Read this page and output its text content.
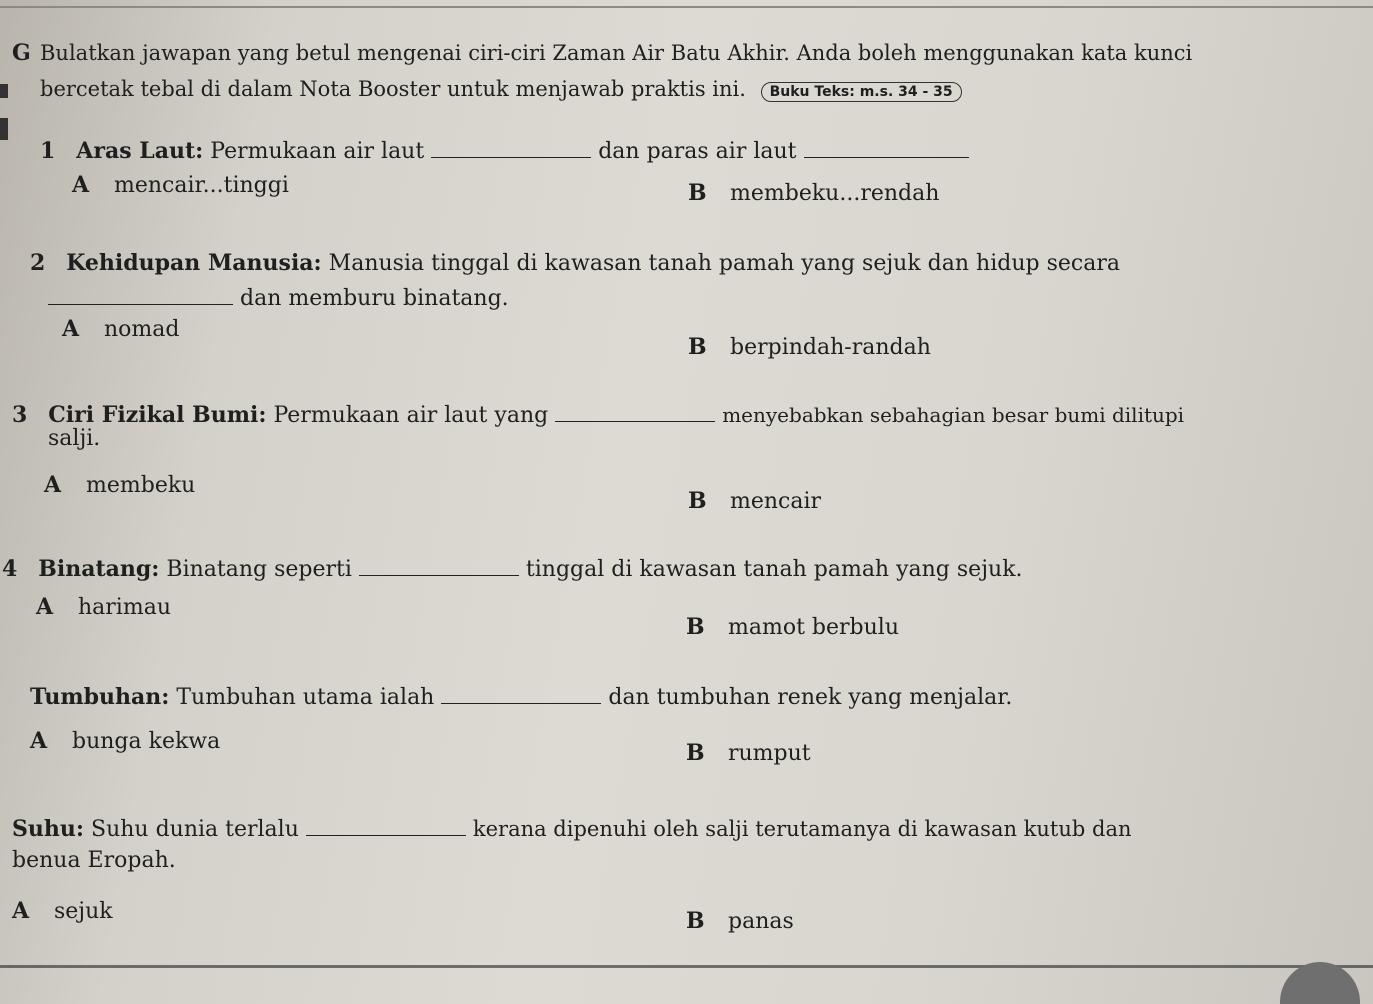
G Bulatkan jawapan yang betul mengenai ciri-ciri Zaman Air Batu Akhir. Anda boleh menggunakan kata kunci
bercetak tebal di dalam Nota Booster untuk menjawab praktis ini. Buku Teks: m.s. 34 - 35
1 Aras Laut: Permukaan air laut	dan paras air laut
A mencair...tinggi	B membeku...rendah
2 Kehidupan Manusia: Manusia tinggal di kawasan tanah pamah yang sejuk dan hidup secara
dan memburu binatang.
A nomad
B berpindah-randah
3 Ciri Fizikal Bumi: Permukaan air laut yang	menyebabkan sebahagian besar bumi dilitupi
salji.
A membeku
B mencair
4 Binatang: Binatang seperti	tinggal di kawasan tanah pamah yang sejuk.
A harimau
B mamot berbulu
Tumbuhan: Tumbuhan utama ialah	dan tumbuhan renek yang menjalar.
A bunga kekwa	B rumput
Suhu: Suhu dunia terlalu	kerana dipenuhi oleh salji terutamanya di kawasan kutub dan
benua Eropah.
A sejuk	B panas
